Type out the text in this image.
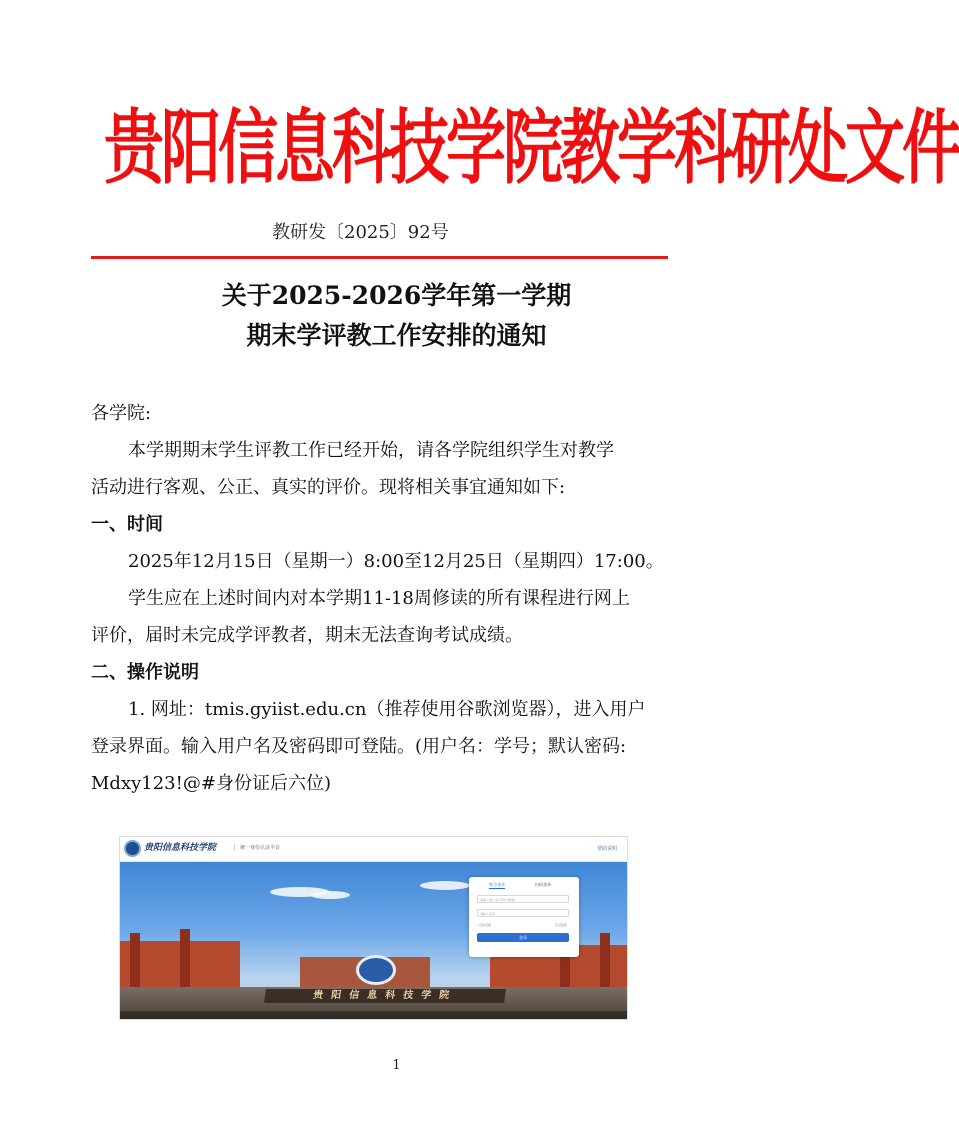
贵阳信息科技学院教学科研处文件
教研发〔2025〕92号
关于2025-2026学年第一学期
期末学评教工作安排的通知
各学院:
本学期期末学生评教工作已经开始，请各学院组织学生对教学
活动进行客观、公正、真实的评价。现将相关事宜通知如下:
一、时间
2025年12月15日（星期一）8:00至12月25日（星期四）17:00。
学生应在上述时间内对本学期11-18周修读的所有课程进行网上
评价，届时未完成学评教者，期末无法查询考试成绩。
二、操作说明
1. 网址：tmis.gyiist.edu.cn（推荐使用谷歌浏览器），进入用户
登录界面。输入用户名及密码即可登陆。(用户名：学号；默认密码:
Mdxy123!@#身份证后六位)
贵阳信息科技学院
贵阳信息科技学院	统一身份认证平台	帮助说明
账号登录	扫码登录
请输入用户名/手机号/邮箱
请输入密码
记住密码	忘记密码
登录
1
